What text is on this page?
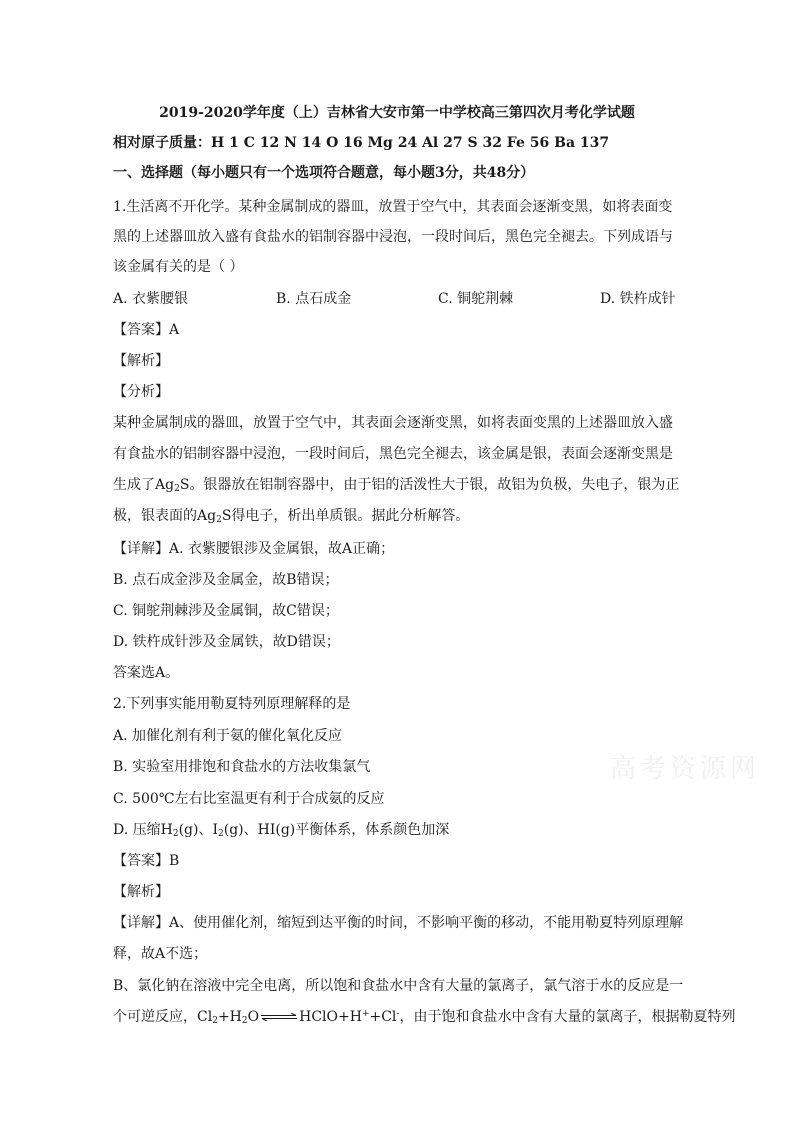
2019-2020学年度（上）吉林省大安市第一中学校高三第四次月考化学试题
相对原子质量：H 1 C 12 N 14 O 16 Mg 24 Al 27 S 32 Fe 56 Ba 137
一、选择题（每小题只有一个选项符合题意，每小题3分，共48分）
1.生活离不开化学。某种金属制成的器皿，放置于空气中，其表面会逐渐变黑，如将表面变
黑的上述器皿放入盛有食盐水的铝制容器中浸泡，一段时间后，黑色完全褪去。下列成语与
该金属有关的是（ ）
A. 衣紫腰银	B. 点石成金	C. 铜鸵荆棘	D. 铁杵成针
【答案】A
【解析】
【分析】
某种金属制成的器皿，放置于空气中，其表面会逐渐变黑，如将表面变黑的上述器皿放入盛
有食盐水的铝制容器中浸泡，一段时间后，黑色完全褪去，该金属是银，表面会逐渐变黑是
生成了$Ag_2S$。银器放在铝制容器中，由于铝的活泼性大于银，故铝为负极，失电子，银为正
极，银表面的$Ag_2S$得电子，析出单质银。据此分析解答。
【详解】A. 衣紫腰银涉及金属银，故A正确；
B. 点石成金涉及金属金，故B错误；
C. 铜鸵荆棘涉及金属铜，故C错误；
D. 铁杵成针涉及金属铁，故D错误；
答案选A。
2.下列事实能用勒夏特列原理解释的是
A. 加催化剂有利于氨的催化氧化反应
B. 实验室用排饱和食盐水的方法收集氯气
C. 500℃左右比室温更有利于合成氨的反应
D. 压缩$H_2(g)$、$I_2(g)$、HI(g)平衡体系，体系颜色加深
【答案】B
【解析】
【详解】A、使用催化剂，缩短到达平衡的时间，不影响平衡的移动，不能用勒夏特列原理解
释，故A不选；
B、氯化钠在溶液中完全电离，所以饱和食盐水中含有大量的氯离子，氯气溶于水的反应是一
个可逆反应，$Cl_2+H_2O\rightleftharpoons HClO+H^++Cl^-$，由于饱和食盐水中含有大量的氯离子，根据勒夏特列
高考资源网
